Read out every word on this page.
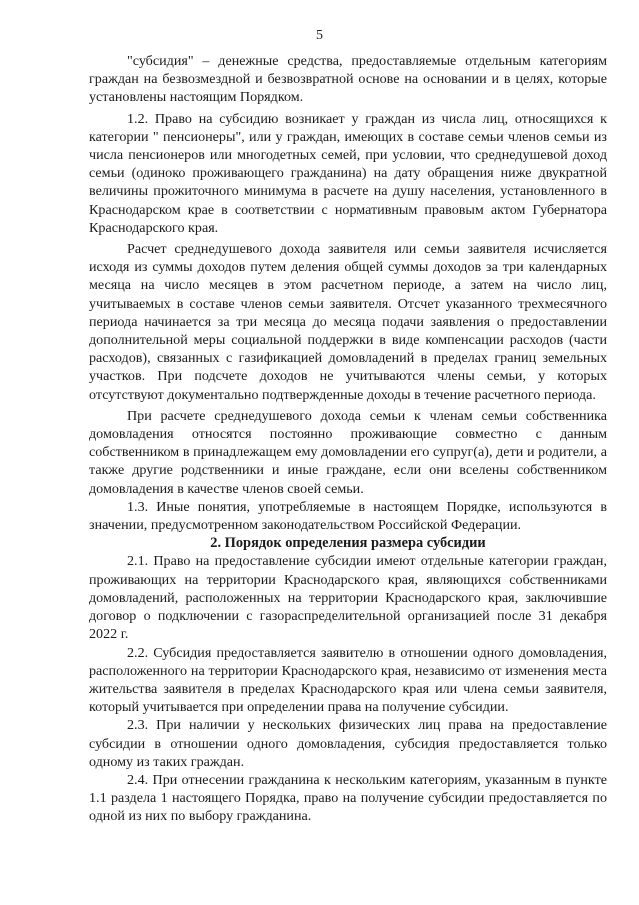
5

"субсидия" – денежные средства, предоставляемые отдельным категориям граждан на безвозмездной и безвозвратной основе на основании и в целях, которые установлены настоящим Порядком.

1.2. Право на субсидию возникает у граждан из числа лиц, относящихся к категории " пенсионеры", или у граждан, имеющих в составе семьи членов семьи из числа пенсионеров или многодетных семей, при условии, что среднедушевой доход семьи (одиноко проживающего гражданина) на дату обращения ниже двукратной величины прожиточного минимума в расчете на душу населения, установленного в Краснодарском крае в соответствии с нормативным правовым актом Губернатора Краснодарского края.

Расчет среднедушевого дохода заявителя или семьи заявителя исчисляется исходя из суммы доходов путем деления общей суммы доходов за три календарных месяца на число месяцев в этом расчетном периоде, а затем на число лиц, учитываемых в составе членов семьи заявителя. Отсчет указанного трехмесячного периода начинается за три месяца до месяца подачи заявления о предоставлении дополнительной меры социальной поддержки в виде компенсации расходов (части расходов), связанных с газификацией домовладений в пределах границ земельных участков. При подсчете доходов не учитываются члены семьи, у которых отсутствуют документально подтвержденные доходы в течение расчетного периода.

При расчете среднедушевого дохода семьи к членам семьи собственника домовладения относятся постоянно проживающие совместно с данным собственником в принадлежащем ему домовладении его супруг(а), дети и родители, а также другие родственники и иные граждане, если они вселены собственником домовладения в качестве членов своей семьи.

1.3. Иные понятия, употребляемые в настоящем Порядке, используются в значении, предусмотренном законодательством Российской Федерации.

2. Порядок определения размера субсидии

2.1. Право на предоставление субсидии имеют отдельные категории граждан, проживающих на территории Краснодарского края, являющихся собственниками домовладений, расположенных на территории Краснодарского края, заключившие договор о подключении с газораспределительной организацией после 31 декабря 2022 г.

2.2. Субсидия предоставляется заявителю в отношении одного домовладения, расположенного на территории Краснодарского края, независимо от изменения места жительства заявителя в пределах Краснодарского края или члена семьи заявителя, который учитывается при определении права на получение субсидии.

2.3. При наличии у нескольких физических лиц права на предоставление субсидии в отношении одного домовладения, субсидия предоставляется только одному из таких граждан.

2.4. При отнесении гражданина к нескольким категориям, указанным в пункте 1.1 раздела 1 настоящего Порядка, право на получение субсидии предоставляется по одной из них по выбору гражданина.
